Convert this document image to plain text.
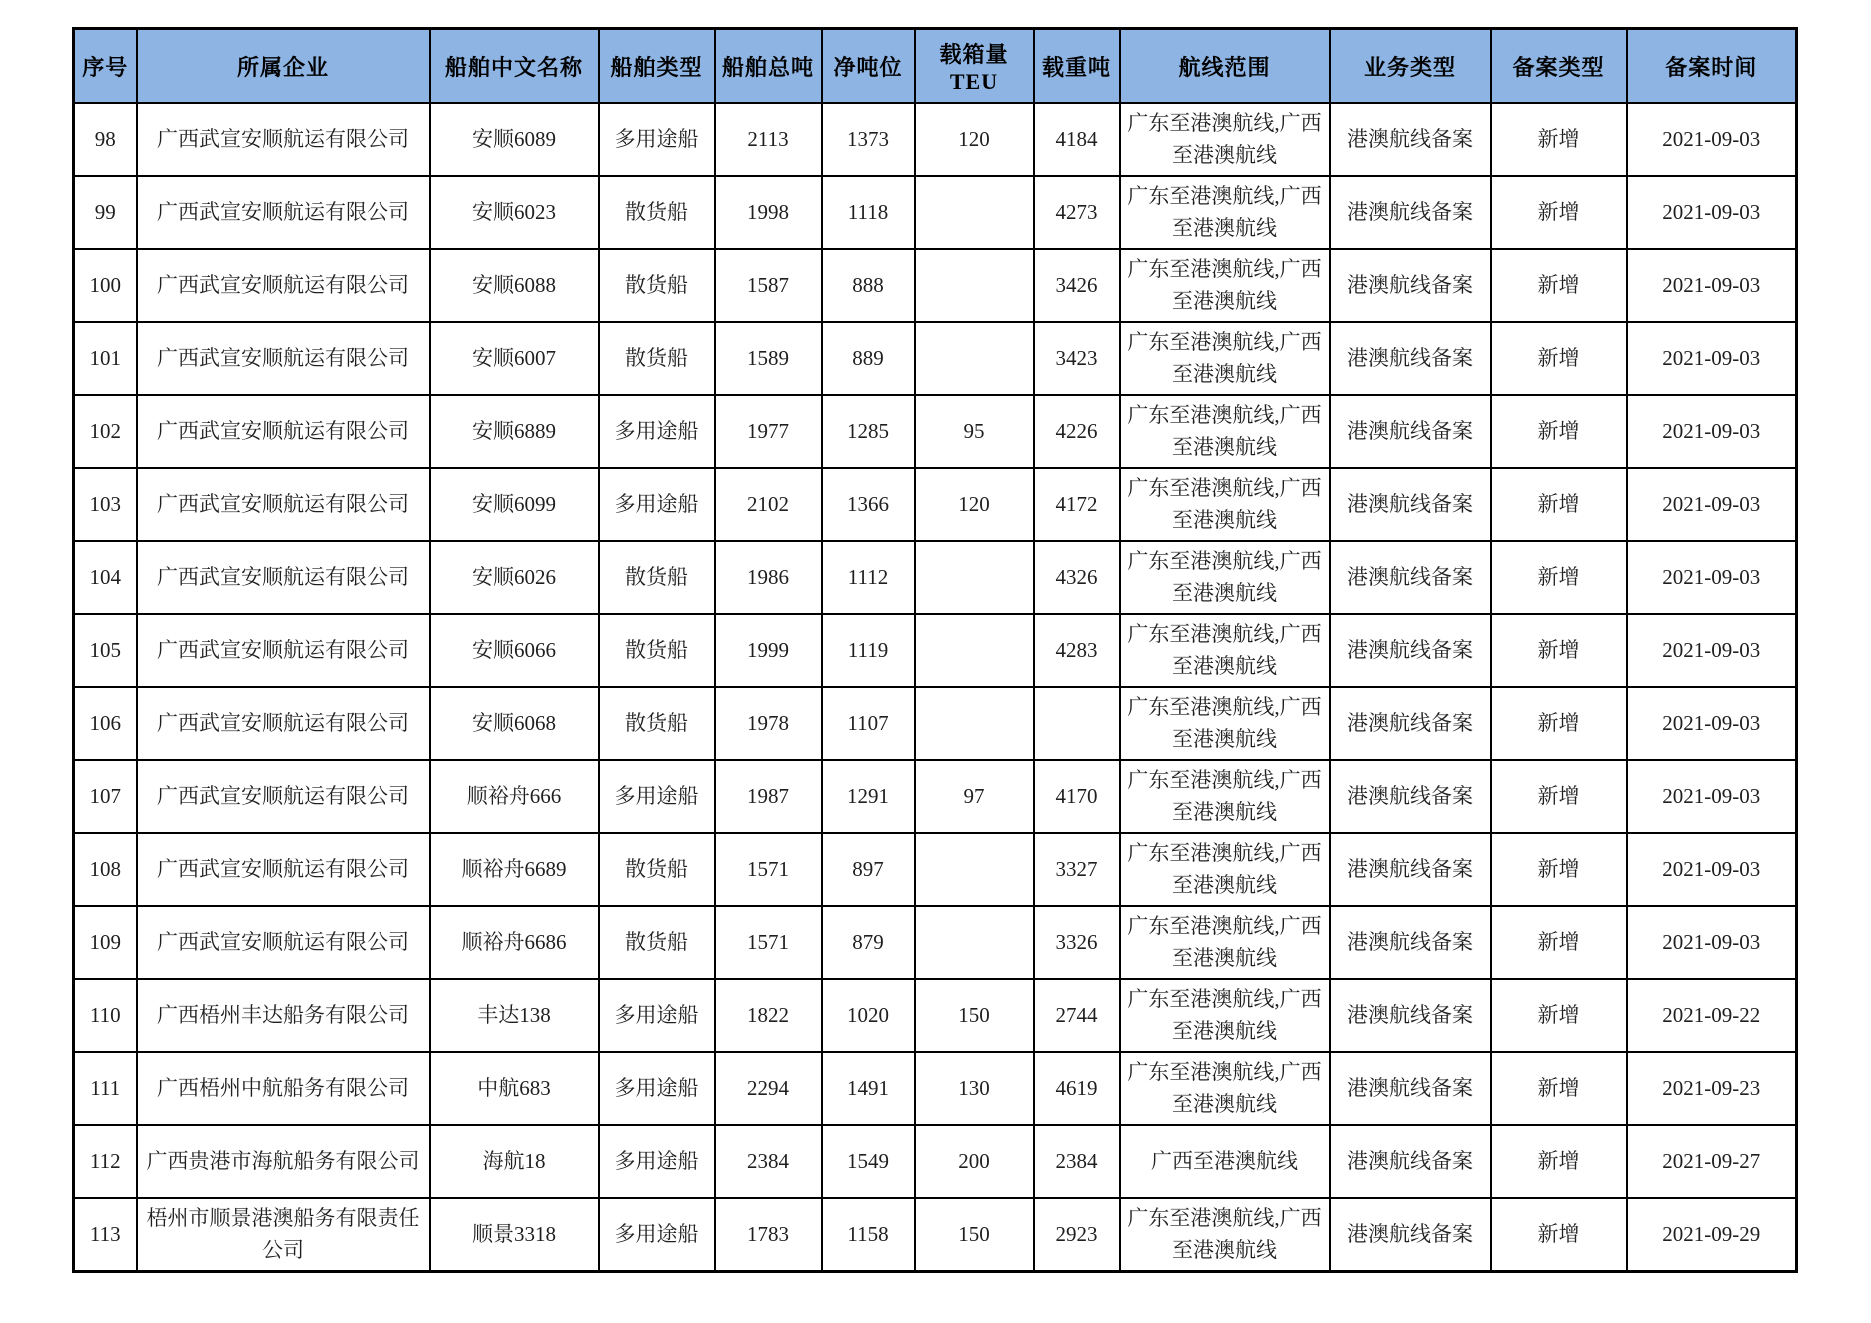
序号	所属企业	船舶中文名称	船舶类型	船舶总吨	净吨位	载箱量TEU	载重吨	航线范围	业务类型	备案类型	备案时间
98	广西武宣安顺航运有限公司	安顺6089	多用途船	2113	1373	120	4184	广东至港澳航线,广西至港澳航线	港澳航线备案	新增	2021-09-03
99	广西武宣安顺航运有限公司	安顺6023	散货船	1998	1118		4273	广东至港澳航线,广西至港澳航线	港澳航线备案	新增	2021-09-03
100	广西武宣安顺航运有限公司	安顺6088	散货船	1587	888		3426	广东至港澳航线,广西至港澳航线	港澳航线备案	新增	2021-09-03
101	广西武宣安顺航运有限公司	安顺6007	散货船	1589	889		3423	广东至港澳航线,广西至港澳航线	港澳航线备案	新增	2021-09-03
102	广西武宣安顺航运有限公司	安顺6889	多用途船	1977	1285	95	4226	广东至港澳航线,广西至港澳航线	港澳航线备案	新增	2021-09-03
103	广西武宣安顺航运有限公司	安顺6099	多用途船	2102	1366	120	4172	广东至港澳航线,广西至港澳航线	港澳航线备案	新增	2021-09-03
104	广西武宣安顺航运有限公司	安顺6026	散货船	1986	1112		4326	广东至港澳航线,广西至港澳航线	港澳航线备案	新增	2021-09-03
105	广西武宣安顺航运有限公司	安顺6066	散货船	1999	1119		4283	广东至港澳航线,广西至港澳航线	港澳航线备案	新增	2021-09-03
106	广西武宣安顺航运有限公司	安顺6068	散货船	1978	1107			广东至港澳航线,广西至港澳航线	港澳航线备案	新增	2021-09-03
107	广西武宣安顺航运有限公司	顺裕舟666	多用途船	1987	1291	97	4170	广东至港澳航线,广西至港澳航线	港澳航线备案	新增	2021-09-03
108	广西武宣安顺航运有限公司	顺裕舟6689	散货船	1571	897		3327	广东至港澳航线,广西至港澳航线	港澳航线备案	新增	2021-09-03
109	广西武宣安顺航运有限公司	顺裕舟6686	散货船	1571	879		3326	广东至港澳航线,广西至港澳航线	港澳航线备案	新增	2021-09-03
110	广西梧州丰达船务有限公司	丰达138	多用途船	1822	1020	150	2744	广东至港澳航线,广西至港澳航线	港澳航线备案	新增	2021-09-22
111	广西梧州中航船务有限公司	中航683	多用途船	2294	1491	130	4619	广东至港澳航线,广西至港澳航线	港澳航线备案	新增	2021-09-23
112	广西贵港市海航船务有限公司	海航18	多用途船	2384	1549	200	2384	广西至港澳航线	港澳航线备案	新增	2021-09-27
113	梧州市顺景港澳船务有限责任公司	顺景3318	多用途船	1783	1158	150	2923	广东至港澳航线,广西至港澳航线	港澳航线备案	新增	2021-09-29
